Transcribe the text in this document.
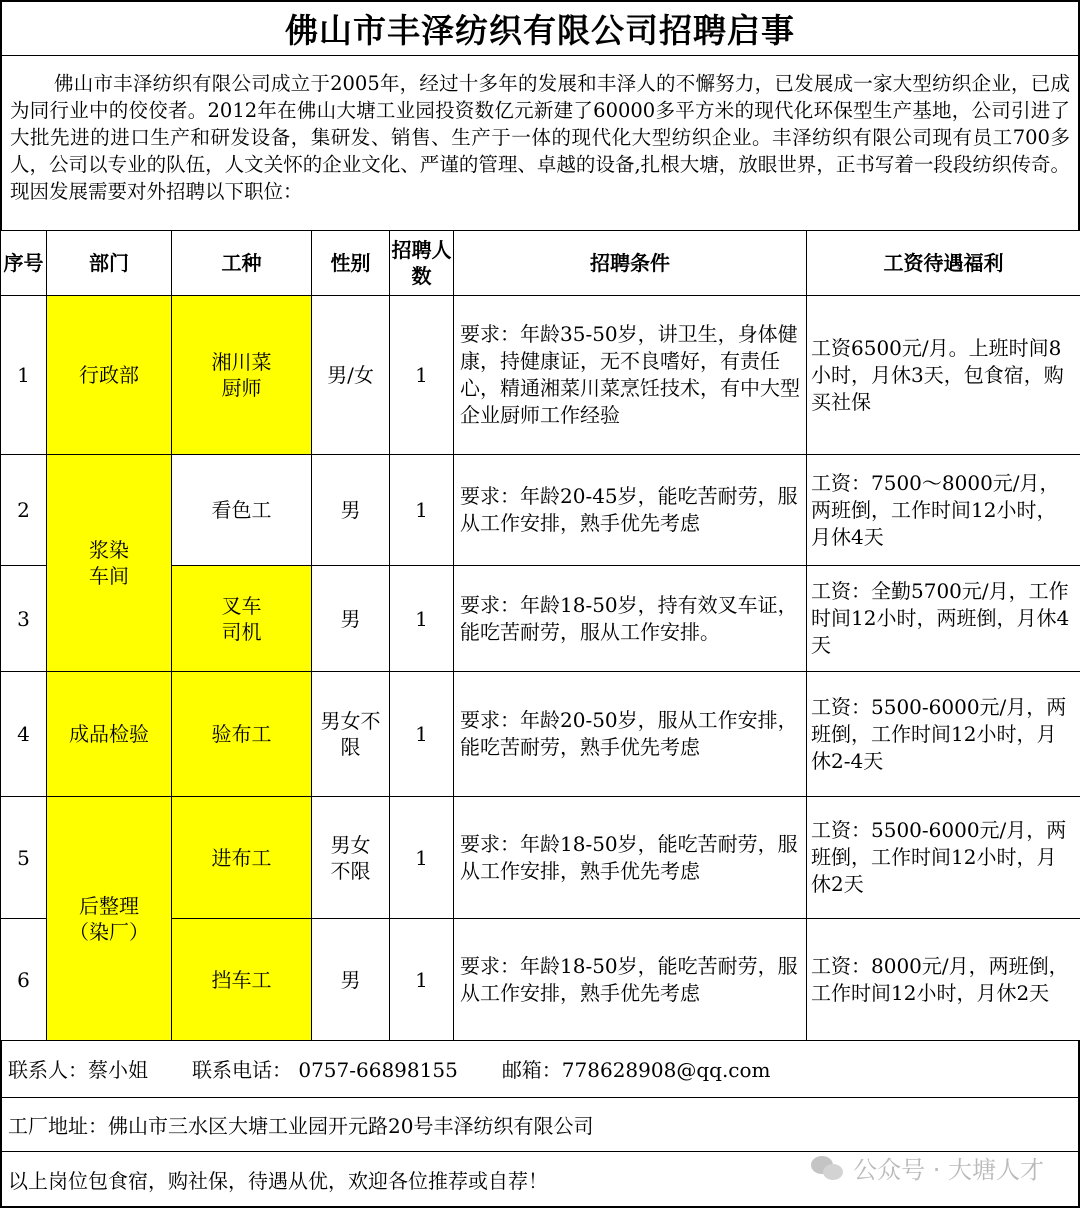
佛山市丰泽纺织有限公司招聘启事
佛山市丰泽纺织有限公司成立于2005年，经过十多年的发展和丰泽人的不懈努力，已发展成一家大型纺织企业，已成为同行业中的佼佼者。2012年在佛山大塘工业园投资数亿元新建了60000多平方米的现代化环保型生产基地，公司引进了大批先进的进口生产和研发设备，集研发、销售、生产于一体的现代化大型纺织企业。丰泽纺织有限公司现有员工700多人，公司以专业的队伍，人文关怀的企业文化、严谨的管理、卓越的设备,扎根大塘，放眼世界，正书写着一段段纺织传奇。现因发展需要对外招聘以下职位：
序号	部门	工种	性别	招聘人数	招聘条件	工资待遇福利
1	行政部	湘川菜厨师	男/女	1	要求：年龄35-50岁，讲卫生，身体健康，持健康证，无不良嗜好，有责任心，精通湘菜川菜烹饪技术，有中大型企业厨师工作经验	工资6500元/月。上班时间8小时，月休3天，包食宿，购买社保
2	浆染车间	看色工	男	1	要求：年龄20-45岁，能吃苦耐劳，服从工作安排，熟手优先考虑	工资：7500～8000元/月，两班倒，工作时间12小时，月休4天
3		叉车司机	男	1	要求：年龄18-50岁，持有效叉车证，能吃苦耐劳，服从工作安排。	工资：全勤5700元/月，工作时间12小时，两班倒，月休4天
4	成品检验	验布工	男女不限	1	要求：年龄20-50岁，服从工作安排，能吃苦耐劳，熟手优先考虑	工资：5500-6000元/月，两班倒，工作时间12小时，月休2-4天
5	后整理（染厂）	进布工	男女不限	1	要求：年龄18-50岁，能吃苦耐劳，服从工作安排，熟手优先考虑	工资：5500-6000元/月，两班倒，工作时间12小时，月休2天
6		挡车工	男	1	要求：年龄18-50岁，能吃苦耐劳，服从工作安排，熟手优先考虑	工资：8000元/月，两班倒，工作时间12小时，月休2天
联系人：蔡小姐 联系电话： 0757-66898155 邮箱：778628908@qq.com
工厂地址：佛山市三水区大塘工业园开元路20号丰泽纺织有限公司
以上岗位包食宿，购社保，待遇从优，欢迎各位推荐或自荐！	公众号 · 大塘人才
